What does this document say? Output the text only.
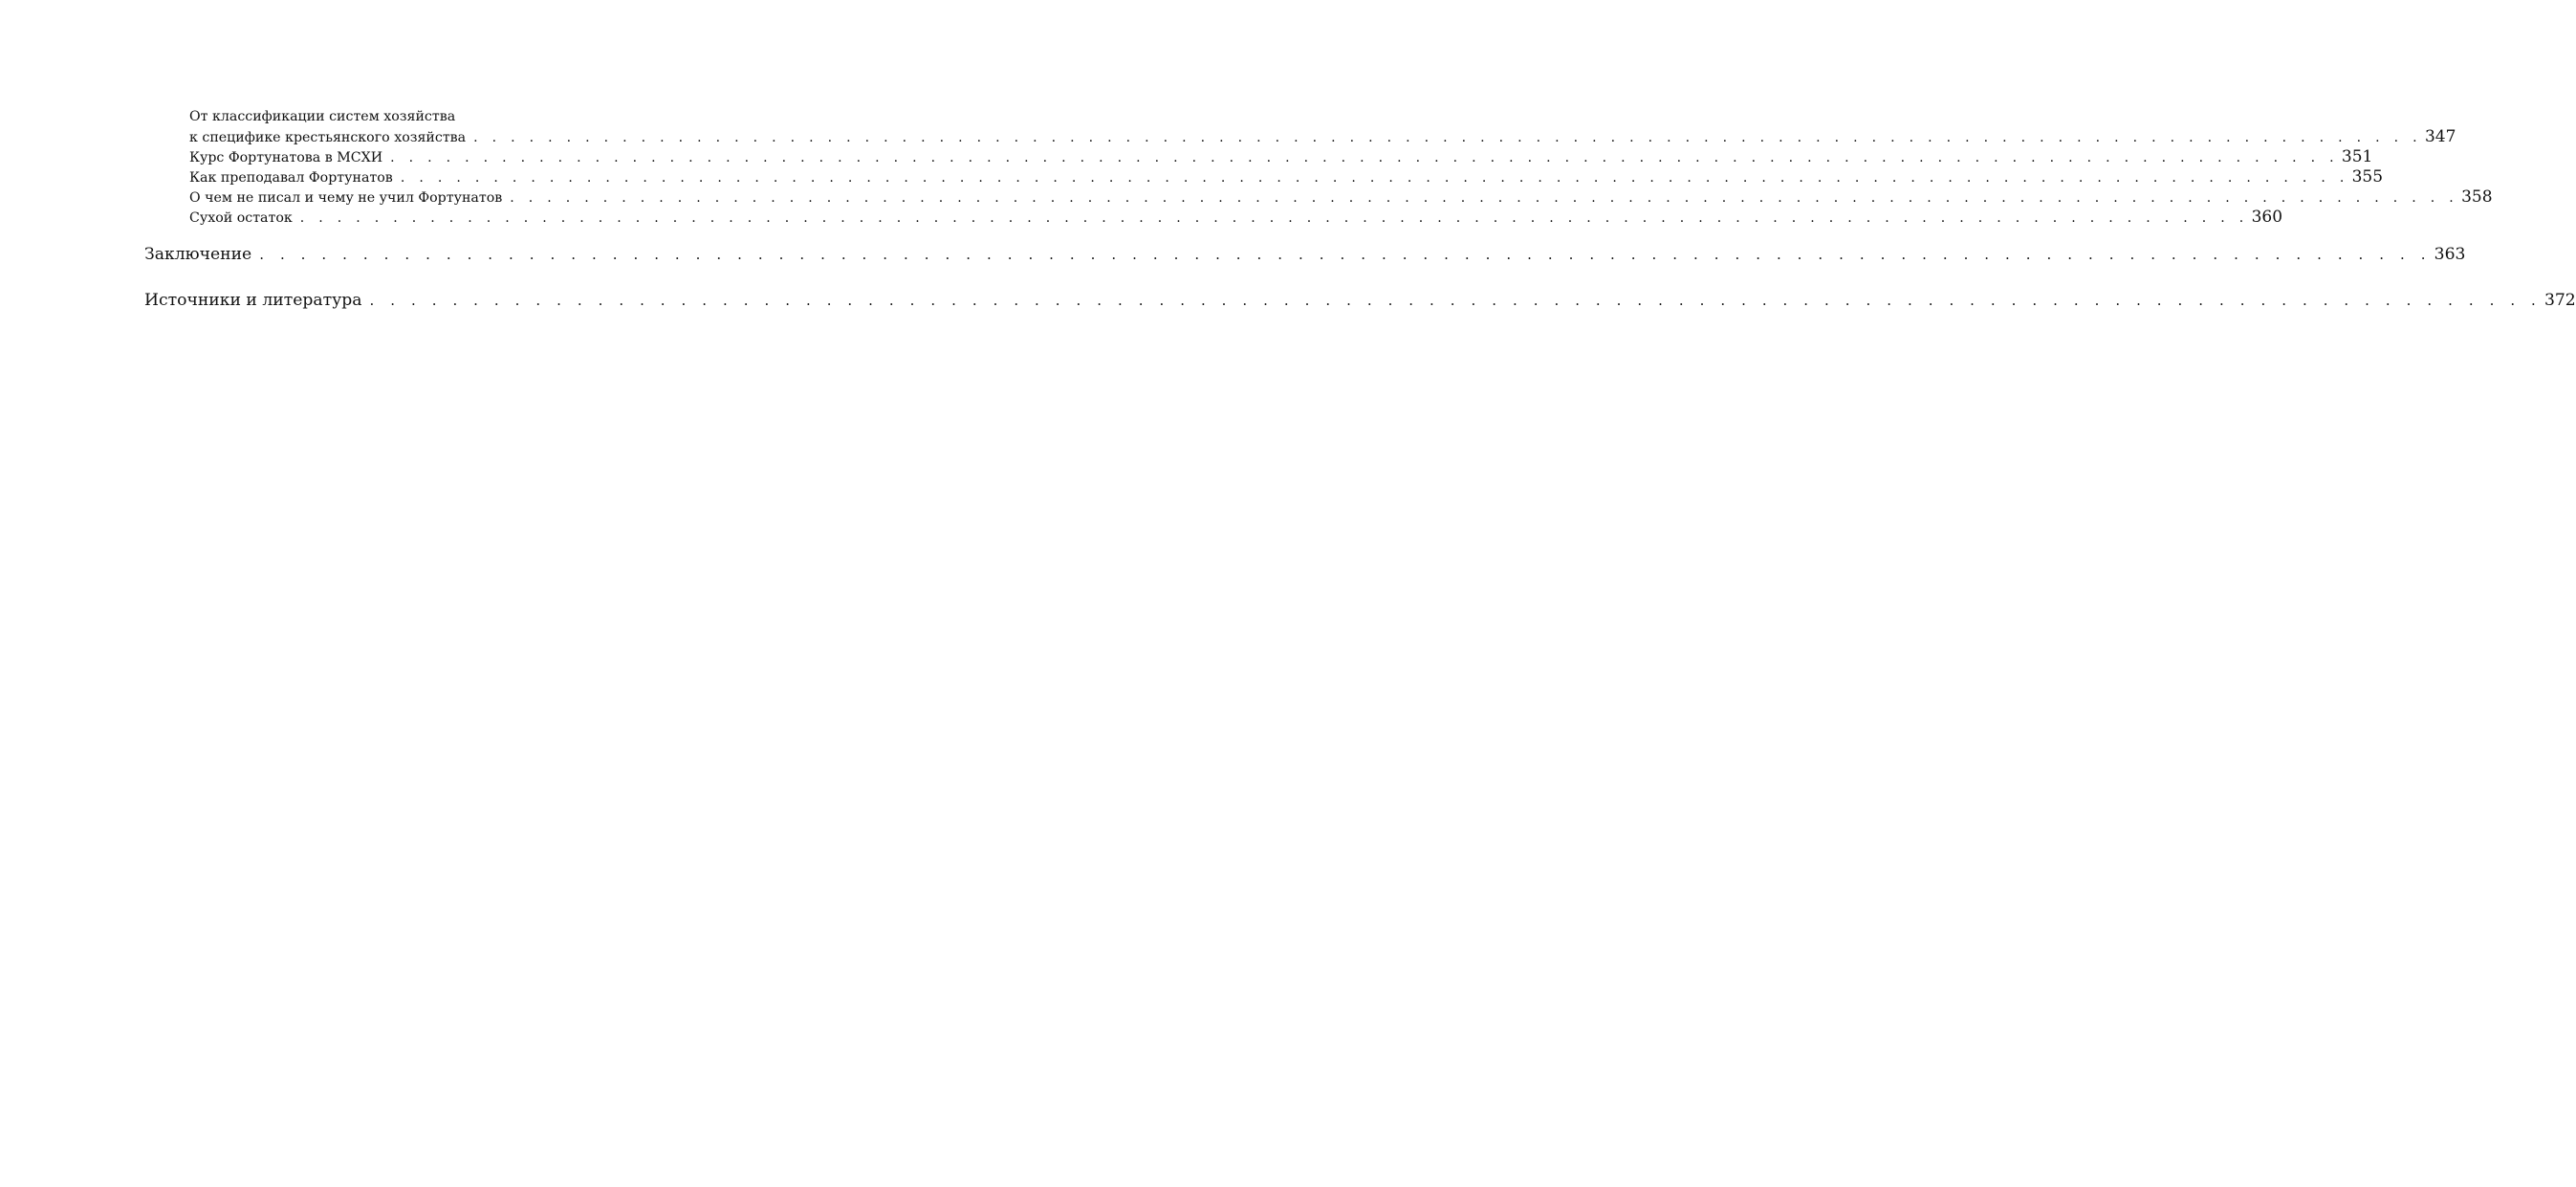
От классификации систем хозяйства
к специфике крестьянского хозяйства . . . . . . . . . . . . . . . . . . . . . . . . . . . . . . . . . . . . . . . . . . . . . . . . . . . . . . . . . . . . . . . . . . . . . . . . . . . . . . . . . . . . . . . . . . . . . . . . . . . . . . . . . 347
Курс Фортунатова в МСХИ . . . . . . . . . . . . . . . . . . . . . . . . . . . . . . . . . . . . . . . . . . . . . . . . . . . . . . . . . . . . . . . . . . . . . . . . . . . . . . . . . . . . . . . . . . . . . . . . . . . . . . . . . 351
Как преподавал Фортунатов . . . . . . . . . . . . . . . . . . . . . . . . . . . . . . . . . . . . . . . . . . . . . . . . . . . . . . . . . . . . . . . . . . . . . . . . . . . . . . . . . . . . . . . . . . . . . . . . . . . . . . . . . 355
О чем не писал и чему не учил Фортунатов . . . . . . . . . . . . . . . . . . . . . . . . . . . . . . . . . . . . . . . . . . . . . . . . . . . . . . . . . . . . . . . . . . . . . . . . . . . . . . . . . . . . . . . . . . . . . . . . . . . . . . . . . 358
Сухой остаток . . . . . . . . . . . . . . . . . . . . . . . . . . . . . . . . . . . . . . . . . . . . . . . . . . . . . . . . . . . . . . . . . . . . . . . . . . . . . . . . . . . . . . . . . . . . . . . . . . . . . . . . . 360
Заключение . . . . . . . . . . . . . . . . . . . . . . . . . . . . . . . . . . . . . . . . . . . . . . . . . . . . . . . . . . . . . . . . . . . . . . . . . . . . . . . . . . . . . . . . . . . . . . . . . . . . . . . . . 363
Источники и литература . . . . . . . . . . . . . . . . . . . . . . . . . . . . . . . . . . . . . . . . . . . . . . . . . . . . . . . . . . . . . . . . . . . . . . . . . . . . . . . . . . . . . . . . . . . . . . . . . . . . . . . . . 372
